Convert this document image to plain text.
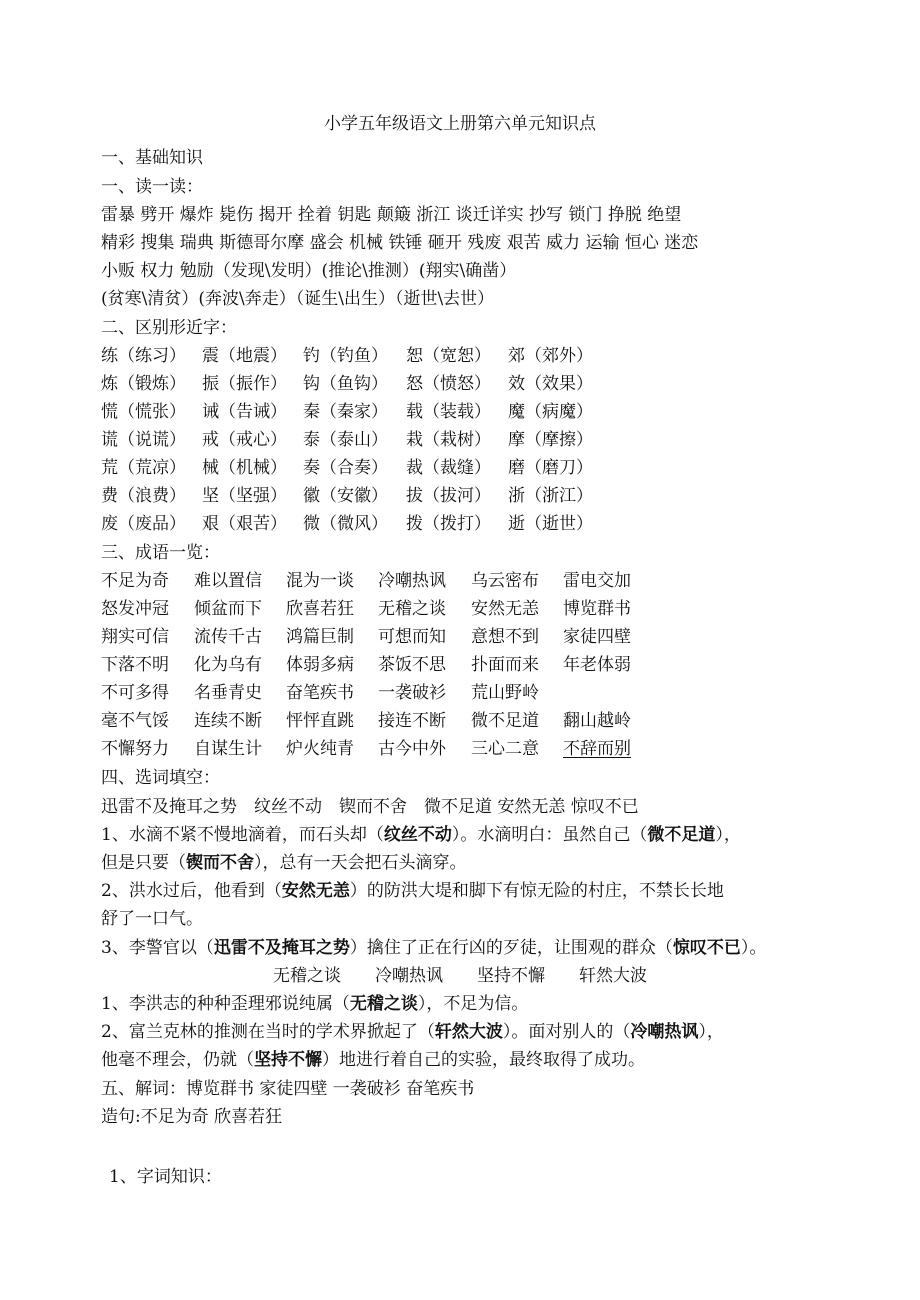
小学五年级语文上册第六单元知识点
一、基础知识
一、读一读：
雷暴 劈开 爆炸 毙伤 揭开 拴着 钥匙 颠簸 浙江 谈迁详实 抄写 锁门 挣脱 绝望
精彩 搜集 瑞典 斯德哥尔摩 盛会 机械 铁锤 砸开 残废 艰苦 威力 运输 恒心 迷恋
小贩 权力 勉励（发现\发明）(推论\推测）(翔实\确凿）
(贫寒\清贫）(奔波\奔走）（诞生\出生）（逝世\去世）
二、区别形近字：
练（练习） 震（地震） 钓（钓鱼） 恕（宽恕） 郊（郊外）
炼（锻炼） 振（振作） 钩（鱼钩） 怒（愤怒） 效（效果）
慌（慌张） 诫（告诫） 秦（秦家） 载（装载） 魔（病魔）
谎（说谎） 戒（戒心） 泰（泰山） 栽（栽树） 摩（摩擦）
荒（荒凉） 械（机械） 奏（合奏） 裁（裁缝） 磨（磨刀）
费（浪费） 坚（坚强） 徽（安徽） 拔（拔河） 浙（浙江）
废（废品） 艰（艰苦） 微（微风） 拨（拨打） 逝（逝世）
三、成语一览：
不足为奇 难以置信 混为一谈 冷嘲热讽 乌云密布 雷电交加
怒发冲冠 倾盆而下 欣喜若狂 无稽之谈 安然无恙 博览群书
翔实可信 流传千古 鸿篇巨制 可想而知 意想不到 家徒四壁
下落不明 化为乌有 体弱多病 茶饭不思 扑面而来 年老体弱
不可多得 名垂青史 奋笔疾书 一袭破衫 荒山野岭
毫不气馁 连续不断 怦怦直跳 接连不断 微不足道 翻山越岭
不懈努力 自谋生计 炉火纯青 古今中外 三心二意 不辞而别
四、选词填空：
迅雷不及掩耳之势　纹丝不动　锲而不舍　微不足道 安然无恙 惊叹不已
1、水滴不紧不慢地滴着，而石头却（纹丝不动）。水滴明白：虽然自己（微不足道），
但是只要（锲而不舍），总有一天会把石头滴穿。
2、洪水过后，他看到（安然无恙）的防洪大堤和脚下有惊无险的村庄，不禁长长地
舒了一口气。
3、李警官以（迅雷不及掩耳之势）擒住了正在行凶的歹徒，让围观的群众（惊叹不已）。
无稽之谈　　冷嘲热讽　　坚持不懈　　轩然大波
1、李洪志的种种歪理邪说纯属（无稽之谈），不足为信。
2、富兰克林的推测在当时的学术界掀起了（轩然大波）。面对别人的（冷嘲热讽），
他毫不理会，仍就（坚持不懈）地进行着自己的实验，最终取得了成功。
五、解词：博览群书 家徒四壁 一袭破衫 奋笔疾书
造句:不足为奇 欣喜若狂
1、字词知识：
